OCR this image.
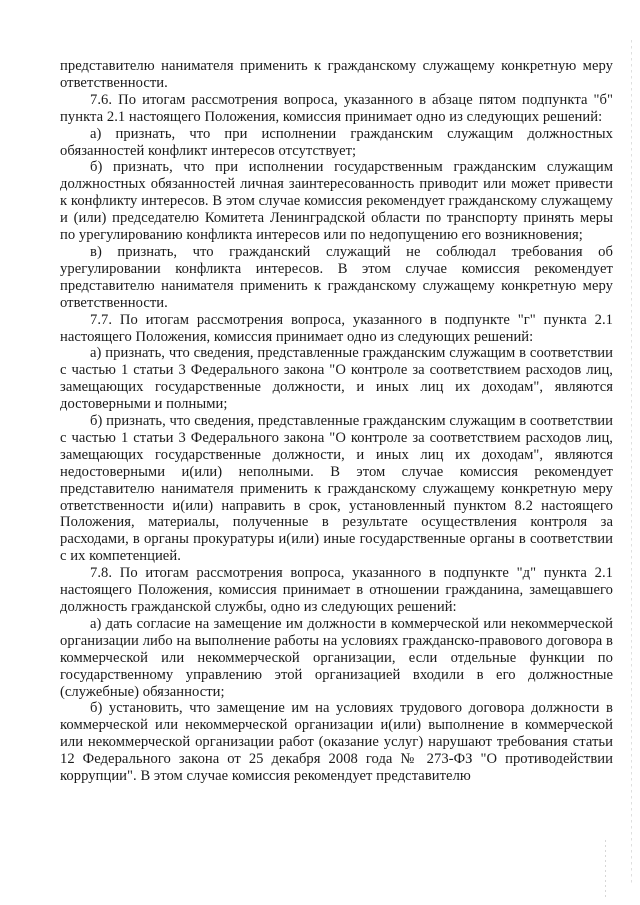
представителю нанимателя применить к гражданскому служащему конкретную меру ответственности.

7.6. По итогам рассмотрения вопроса, указанного в абзаце пятом подпункта "б" пункта 2.1 настоящего Положения, комиссия принимает одно из следующих решений:

а) признать, что при исполнении гражданским служащим должностных обязанностей конфликт интересов отсутствует;

б) признать, что при исполнении государственным гражданским служащим должностных обязанностей личная заинтересованность приводит или может привести к конфликту интересов. В этом случае комиссия рекомендует гражданскому служащему и (или) председателю Комитета Ленинградской области по транспорту принять меры по урегулированию конфликта интересов или по недопущению его возникновения;

в) признать, что гражданский служащий не соблюдал требования об урегулировании конфликта интересов. В этом случае комиссия рекомендует представителю нанимателя применить к гражданскому служащему конкретную меру ответственности.

7.7. По итогам рассмотрения вопроса, указанного в подпункте "г" пункта 2.1 настоящего Положения, комиссия принимает одно из следующих решений:

а) признать, что сведения, представленные гражданским служащим в соответствии с частью 1 статьи 3 Федерального закона "О контроле за соответствием расходов лиц, замещающих государственные должности, и иных лиц их доходам", являются достоверными и полными;

б) признать, что сведения, представленные гражданским служащим в соответствии с частью 1 статьи 3 Федерального закона "О контроле за соответствием расходов лиц, замещающих государственные должности, и иных лиц их доходам", являются недостоверными и(или) неполными. В этом случае комиссия рекомендует представителю нанимателя применить к гражданскому служащему конкретную меру ответственности и(или) направить в срок, установленный пунктом 8.2 настоящего Положения, материалы, полученные в результате осуществления контроля за расходами, в органы прокуратуры и(или) иные государственные органы в соответствии с их компетенцией.

7.8. По итогам рассмотрения вопроса, указанного в подпункте "д" пункта 2.1 настоящего Положения, комиссия принимает в отношении гражданина, замещавшего должность гражданской службы, одно из следующих решений:

а) дать согласие на замещение им должности в коммерческой или некоммерческой организации либо на выполнение работы на условиях гражданско-правового договора в коммерческой или некоммерческой организации, если отдельные функции по государственному управлению этой организацией входили в его должностные (служебные) обязанности;

б) установить, что замещение им на условиях трудового договора должности в коммерческой или некоммерческой организации и(или) выполнение в коммерческой или некоммерческой организации работ (оказание услуг) нарушают требования статьи 12 Федерального закона от 25 декабря 2008 года № 273-ФЗ "О противодействии коррупции". В этом случае комиссия рекомендует представителю
